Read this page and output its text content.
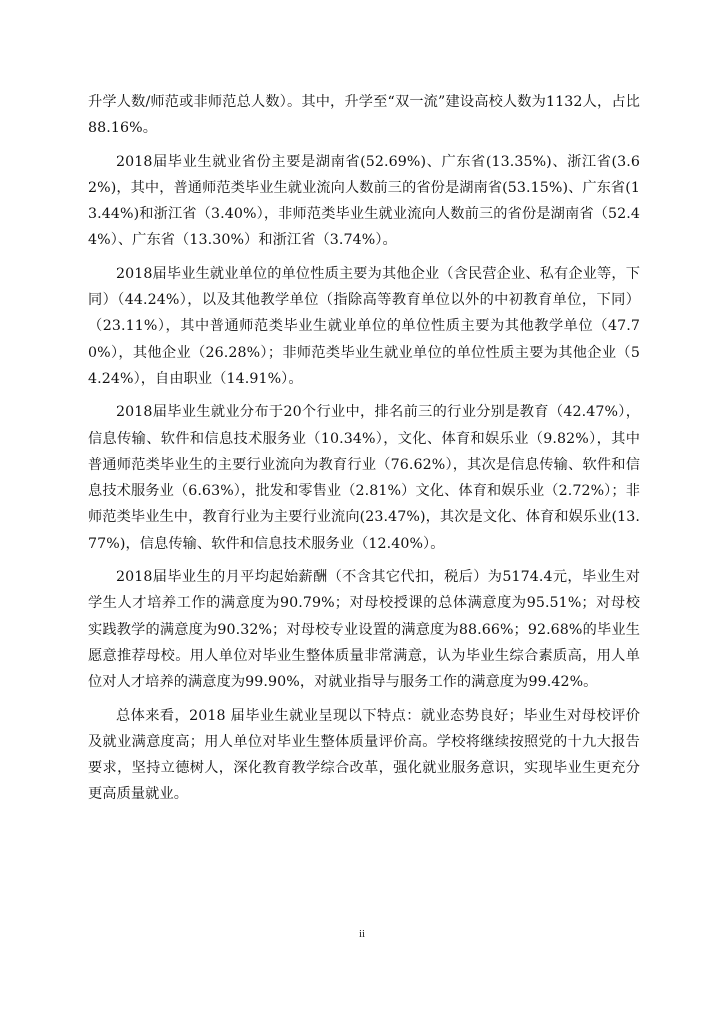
升学人数/师范或非师范总人数）。其中，升学至“双一流”建设高校人数为1132人，占比88.16%。

2018届毕业生就业省份主要是湖南省(52.69%)、广东省(13.35%)、浙江省(3.62%)，其中，普通师范类毕业生就业流向人数前三的省份是湖南省(53.15%)、广东省(13.44%)和浙江省（3.40%），非师范类毕业生就业流向人数前三的省份是湖南省（52.44%）、广东省（13.30%）和浙江省（3.74%）。

2018届毕业生就业单位的单位性质主要为其他企业（含民营企业、私有企业等，下同）（44.24%），以及其他教学单位（指除高等教育单位以外的中初教育单位，下同）（23.11%），其中普通师范类毕业生就业单位的单位性质主要为其他教学单位（47.70%），其他企业（26.28%）；非师范类毕业生就业单位的单位性质主要为其他企业（54.24%），自由职业（14.91%）。

2018届毕业生就业分布于20个行业中，排名前三的行业分别是教育（42.47%），信息传输、软件和信息技术服务业（10.34%），文化、体育和娱乐业（9.82%），其中普通师范类毕业生的主要行业流向为教育行业（76.62%），其次是信息传输、软件和信息技术服务业（6.63%），批发和零售业（2.81%）文化、体育和娱乐业（2.72%）；非师范类毕业生中，教育行业为主要行业流向(23.47%)，其次是文化、体育和娱乐业(13.77%)，信息传输、软件和信息技术服务业（12.40%）。

2018届毕业生的月平均起始薪酬（不含其它代扣，税后）为5174.4元，毕业生对学生人才培养工作的满意度为90.79%；对母校授课的总体满意度为95.51%；对母校实践教学的满意度为90.32%；对母校专业设置的满意度为88.66%；92.68%的毕业生愿意推荐母校。用人单位对毕业生整体质量非常满意，认为毕业生综合素质高，用人单位对人才培养的满意度为99.90%，对就业指导与服务工作的满意度为99.42%。

总体来看，2018 届毕业生就业呈现以下特点：就业态势良好；毕业生对母校评价及就业满意度高；用人单位对毕业生整体质量评价高。学校将继续按照党的十九大报告要求，坚持立德树人，深化教育教学综合改革，强化就业服务意识，实现毕业生更充分更高质量就业。

ii
